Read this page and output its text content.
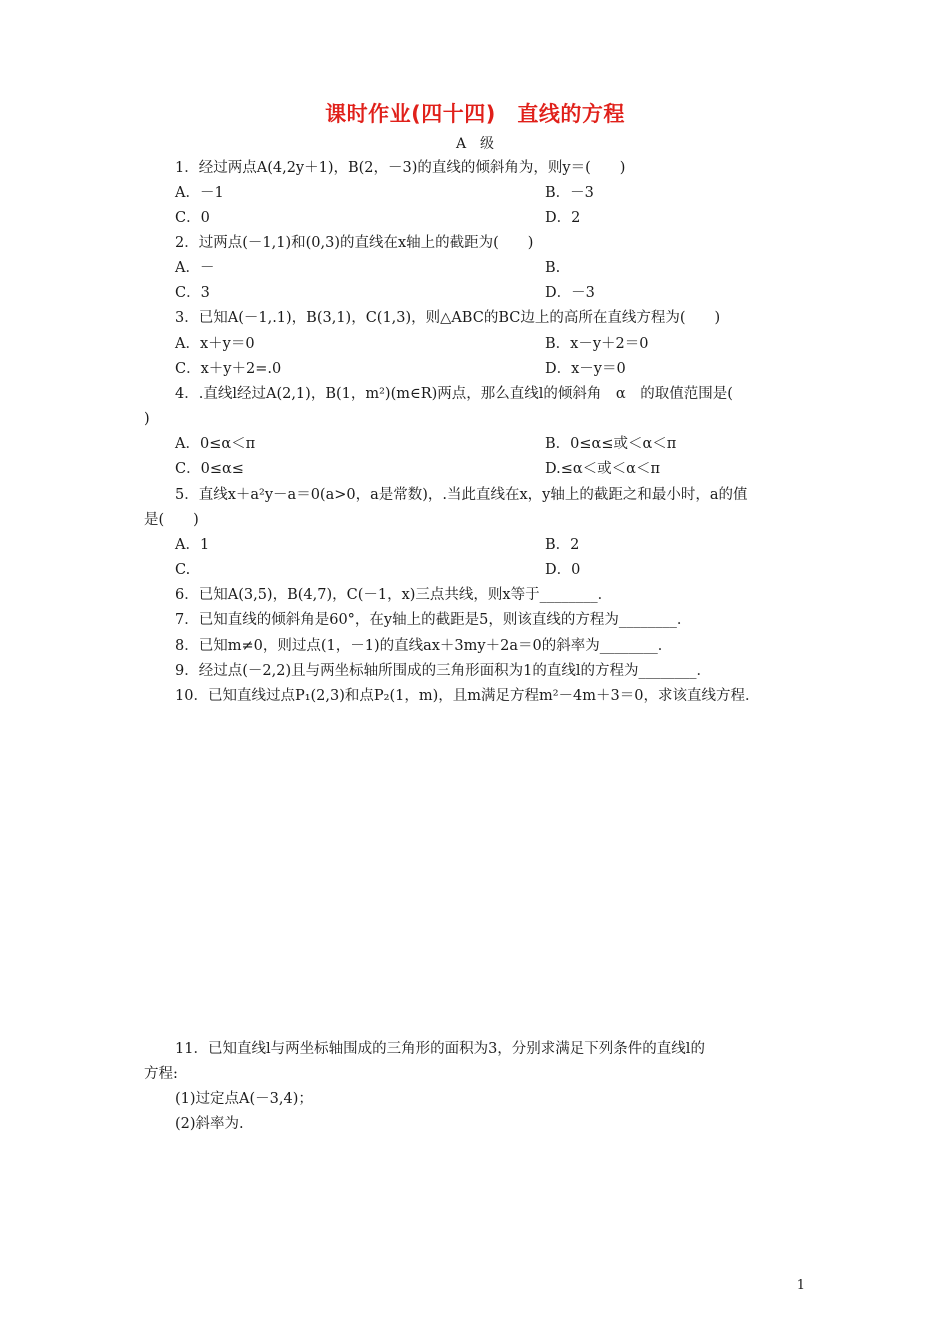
课时作业(四十四)　直线的方程
A　级
1．经过两点A(4,2y＋1)，B(2，－3)的直线的倾斜角为，则y＝(　　)
A．－1	B．－3
C．0	D．2
2．过两点(－1,1)和(0,3)的直线在x轴上的截距为(　　)
A．－	B.
C．3	D．－3
3．已知A(－1,.1)，B(3,1)，C(1,3)，则△ABC的BC边上的高所在直线方程为(　　)
A．x＋y＝0	B．x－y＋2＝0
C．x＋y＋2=.0	D．x－y＝0
4．.直线l经过A(2,1)，B(1，m²)(m∈R)两点，那么直线l的倾斜角　α　的取值范围是(
)
A．0≤α＜π	B．0≤α≤或＜α＜π
C．0≤α≤	D.≤α＜或＜α＜π
5．直线x＋a²y－a＝0(a>0，a是常数)，.当此直线在x，y轴上的截距之和最小时，a的值
是(　　)
A．1	B．2
C.	D．0
6．已知A(3,5)，B(4,7)，C(－1，x)三点共线，则x等于________．
7．已知直线的倾斜角是60°，在y轴上的截距是5，则该直线的方程为________．
8．已知m≠0，则过点(1，－1)的直线ax＋3my＋2a＝0的斜率为________．
9．经过点(－2,2)且与两坐标轴所围成的三角形面积为1的直线l的方程为________．
10．已知直线过点P₁(2,3)和点P₂(1，m)，且m满足方程m²－4m＋3＝0，求该直线方程．
11．已知直线l与两坐标轴围成的三角形的面积为3，分别求满足下列条件的直线l的
方程:
(1)过定点A(－3,4)；
(2)斜率为.
1
